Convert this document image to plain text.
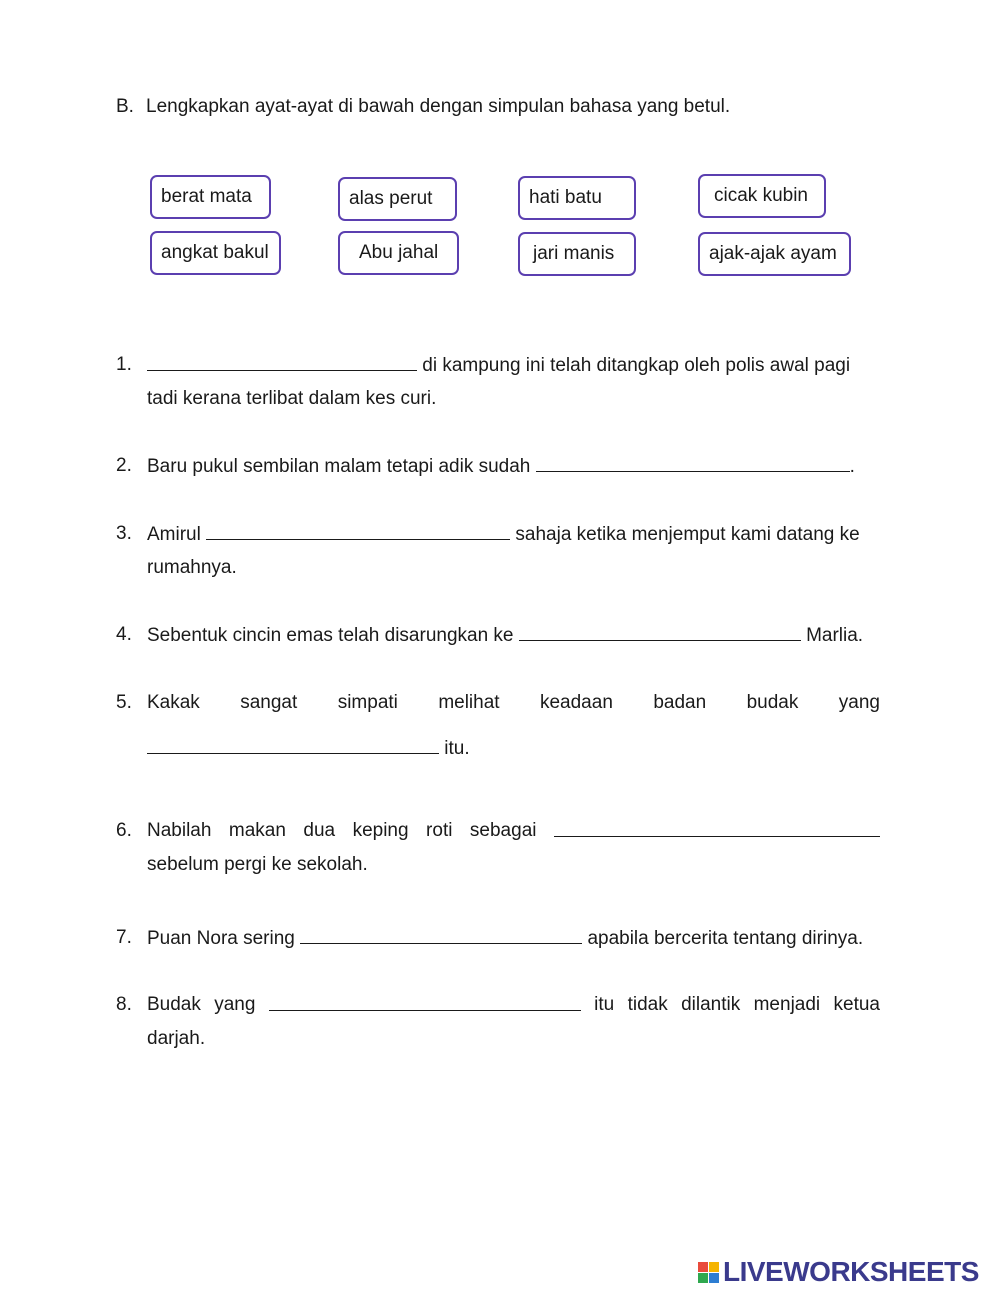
B. Lengkapkan ayat-ayat di bawah dengan simpulan bahasa yang betul.
berat mata	alas perut	hati batu	cicak kubin
angkat bakul	Abu jahal	jari manis	ajak-ajak ayam
1.	di kampung ini telah ditangkap oleh polis awal pagi
tadi kerana terlibat dalam kes curi.
2. Baru pukul sembilan malam tetapi adik sudah	.
3. Amirul	sahaja ketika menjemput kami datang ke
rumahnya.
4. Sebentuk cincin emas telah disarungkan ke	Marlia.
5. Kakak sangat simpati melihat keadaan badan budak yang
itu.
6. Nabilah makan dua keping roti sebagai
sebelum pergi ke sekolah.
7. Puan Nora sering	apabila bercerita tentang dirinya.
8. Budak yang	itu tidak dilantik menjadi ketua
darjah.
LIVEWORKSHEETS
